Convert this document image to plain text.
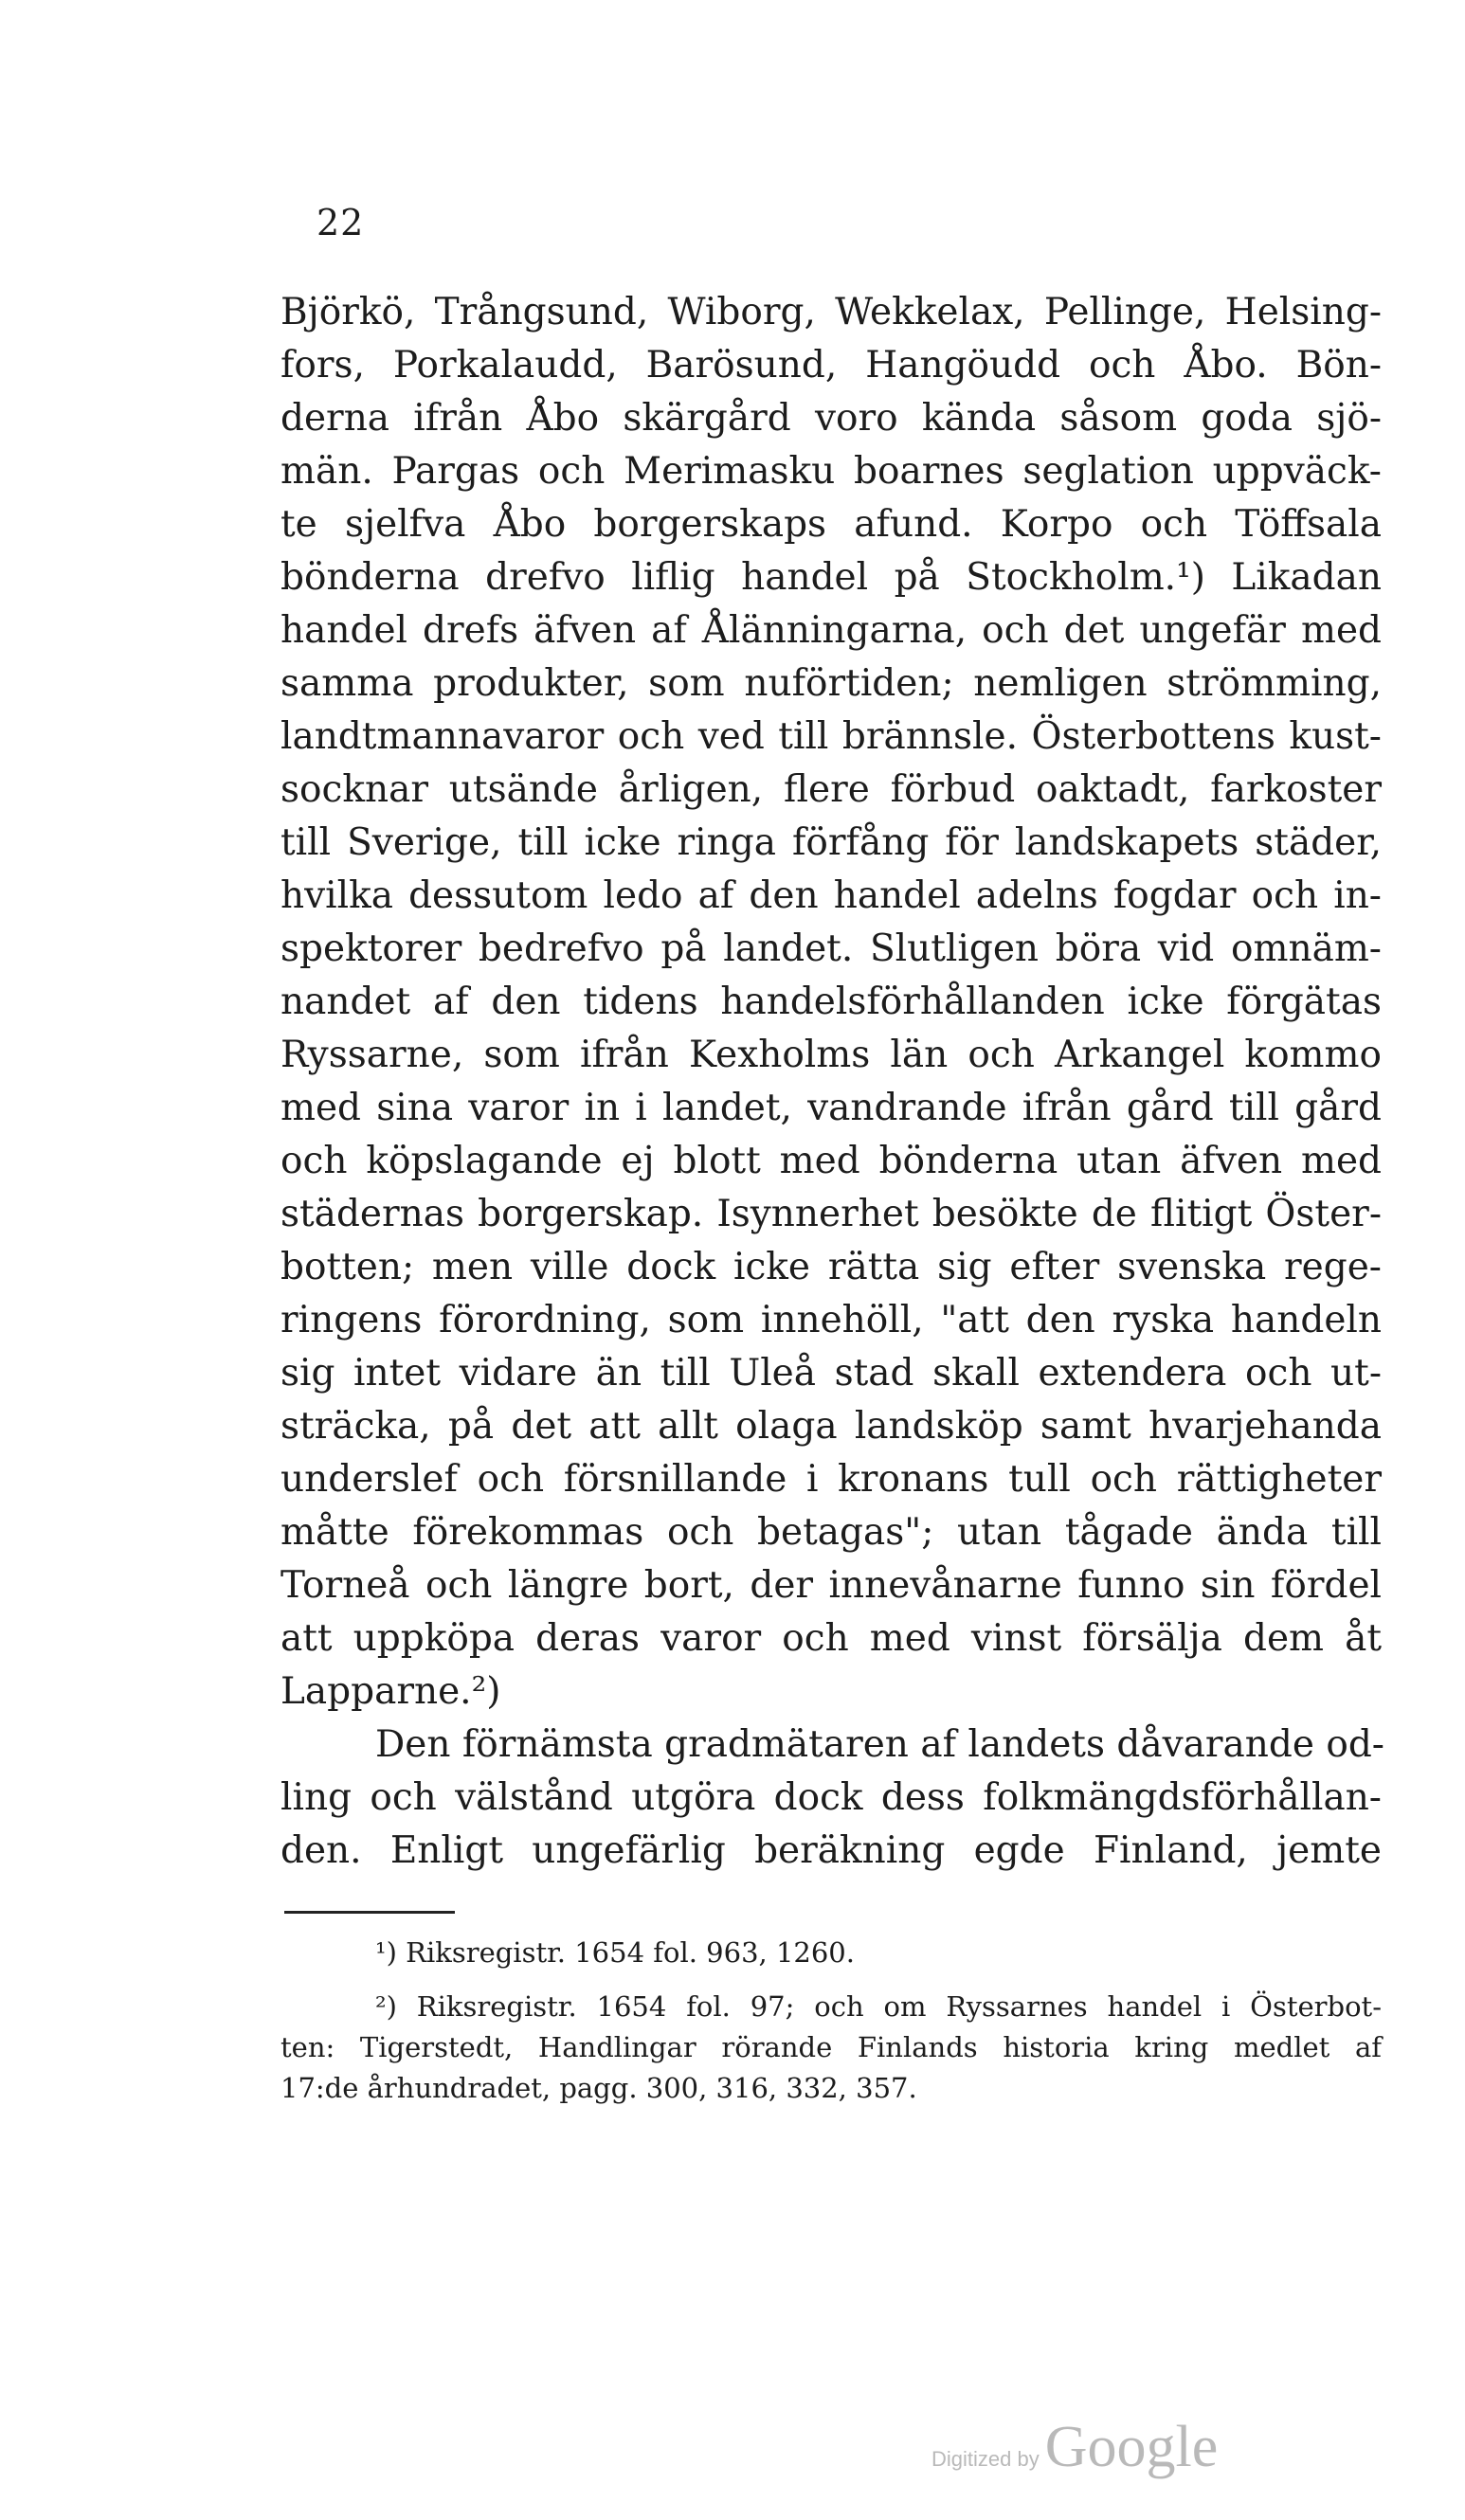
22
Björkö, Trångsund, Wiborg, Wekkelax, Pellinge, Helsing-
fors, Porkalaudd, Barösund, Hangöudd och Åbo. Bön-
derna ifrån Åbo skärgård voro kända såsom goda sjö-
män. Pargas och Merimasku boarnes seglation uppväck-
te sjelfva Åbo borgerskaps afund. Korpo och Töffsala
bönderna drefvo liflig handel på Stockholm.¹) Likadan
handel drefs äfven af Ålänningarna, och det ungefär med
samma produkter, som nuförtiden; nemligen strömming,
landtmannavaror och ved till brännsle. Österbottens kust-
socknar utsände årligen, flere förbud oaktadt, farkoster
till Sverige, till icke ringa förfång för landskapets städer,
hvilka dessutom ledo af den handel adelns fogdar och in-
spektorer bedrefvo på landet. Slutligen böra vid omnäm-
nandet af den tidens handelsförhållanden icke förgätas
Ryssarne, som ifrån Kexholms län och Arkangel kommo
med sina varor in i landet, vandrande ifrån gård till gård
och köpslagande ej blott med bönderna utan äfven med
städernas borgerskap. Isynnerhet besökte de flitigt Öster-
botten; men ville dock icke rätta sig efter svenska rege-
ringens förordning, som innehöll, "att den ryska handeln
sig intet vidare än till Uleå stad skall extendera och ut-
sträcka, på det att allt olaga landsköp samt hvarjehanda
underslef och försnillande i kronans tull och rättigheter
måtte förekommas och betagas"; utan tågade ända till
Torneå och längre bort, der innevånarne funno sin fördel
att uppköpa deras varor och med vinst försälja dem åt
Lapparne.²)
Den förnämsta gradmätaren af landets dåvarande od-
ling och välstånd utgöra dock dess folkmängdsförhållan-
den. Enligt ungefärlig beräkning egde Finland, jemte
¹) Riksregistr. 1654 fol. 963, 1260.
²) Riksregistr. 1654 fol. 97; och om Ryssarnes handel i Österbot-
ten: Tigerstedt, Handlingar rörande Finlands historia kring medlet af
17:de århundradet, pagg. 300, 316, 332, 357.
Digitized by Google
